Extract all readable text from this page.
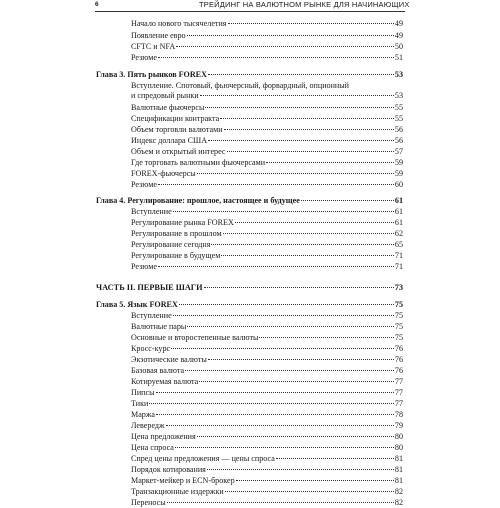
6	ТРЕЙДИНГ НА ВАЛЮТНОМ РЫНКЕ ДЛЯ НАЧИНАЮЩИХ
Начало нового тысячелетия	49
Появление евро	49
CFTC и NFA	50
Резюме	51
Глава 3. Пять рынков FOREX	53
Вступление. Спотовый, фьючерсный, форвардный, опционный
и спредовый рынки	53
Валютные фьючерсы	55
Спецификации контракта	55
Объем торговли валютами	56
Индекс доллара США	56
Объем и открытый интерес	57
Где торговать валютными фьючерсами	59
FOREX-фьючерсы	59
Резюме	60
Глава 4. Регулирование: прошлое, настоящее и будущее	61
Вступление	61
Регулирование рынка FOREX	61
Регулирование в прошлом	62
Регулирование сегодня	65
Регулирование в будущем	71
Резюме	71
ЧАСТЬ II. ПЕРВЫЕ ШАГИ	73
Глава 5. Язык FOREX	75
Вступление	75
Валютные пары	75
Основные и второстепенные валюты	75
Кросс-курс	76
Экзотические валюты	76
Базовая валюта	76
Котируемая валюта	77
Пипсы	77
Тики	77
Маржа	78
Левередж	79
Цена предложения	80
Цена спроса	80
Спред цены предложения — цены спроса	81
Порядок котирования	81
Маркет-мейкер и ECN-брокер	81
Транзакционные издержки	82
Переносы	82
